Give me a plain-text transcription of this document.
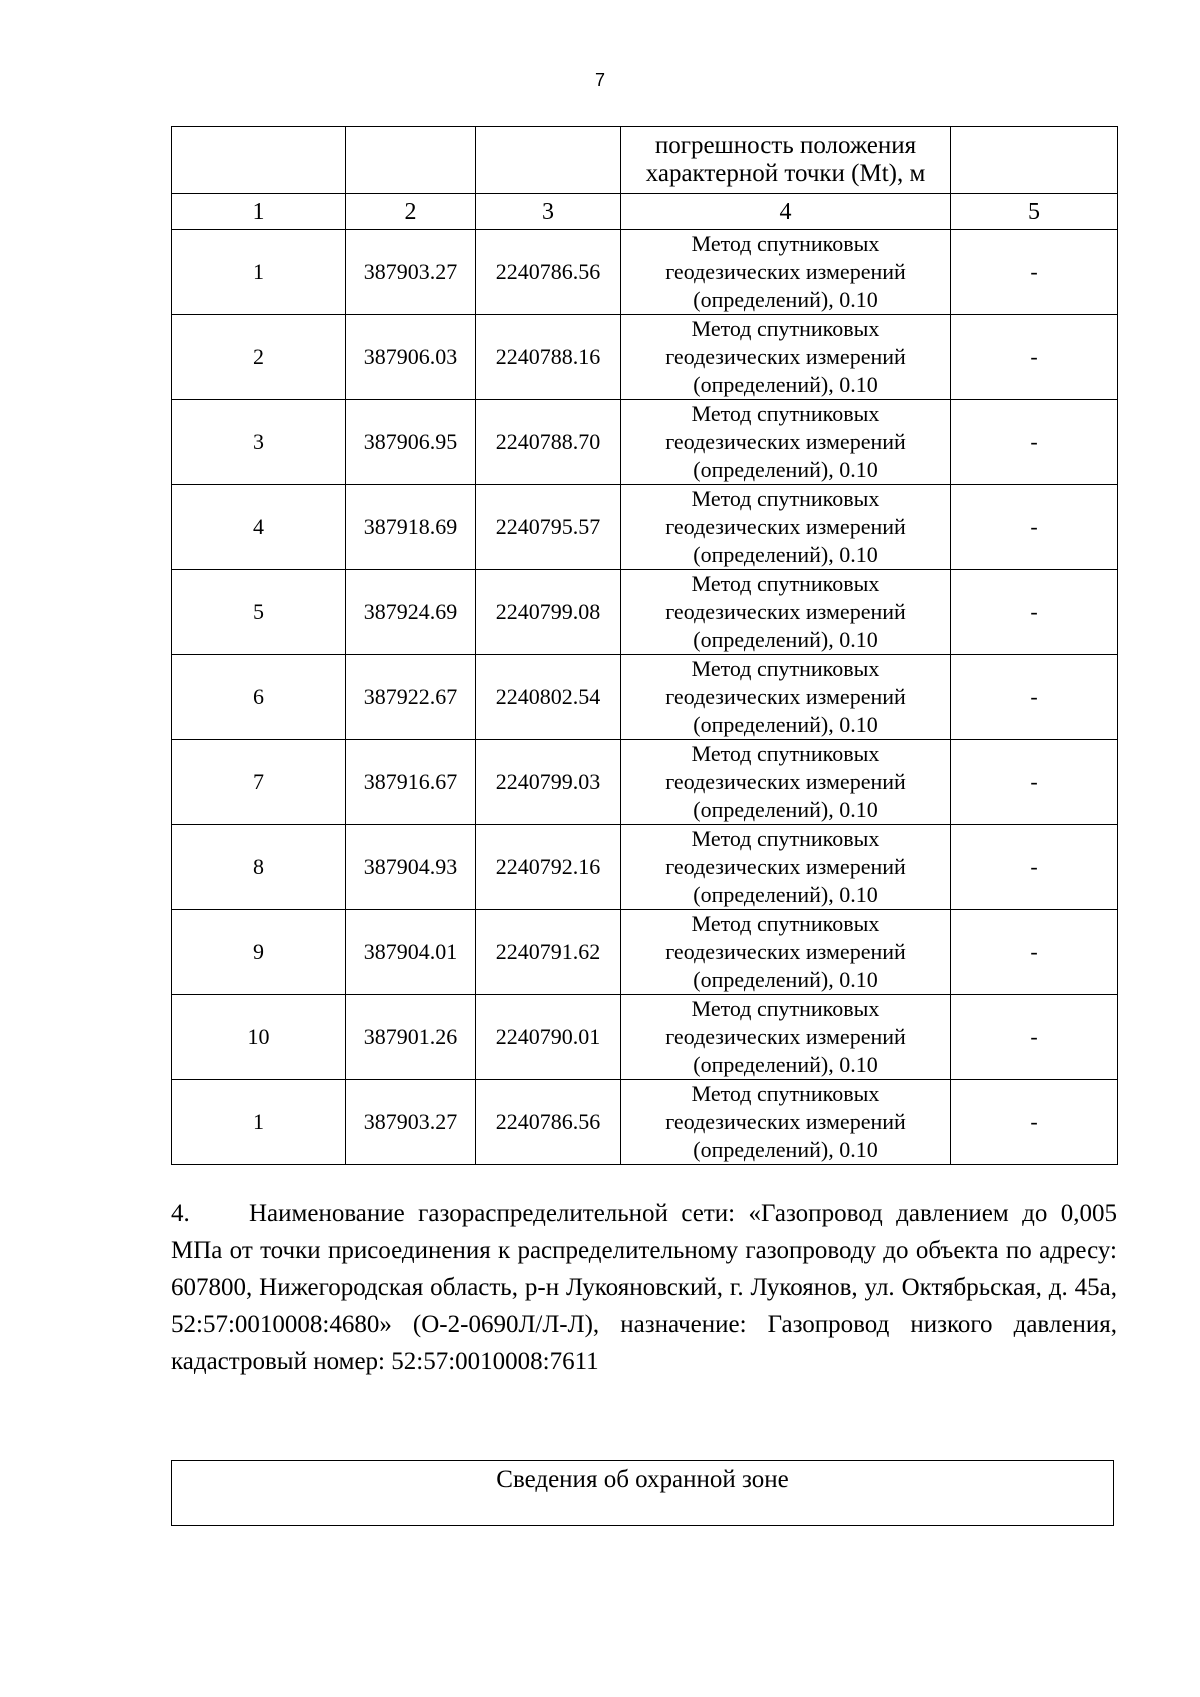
7
			погрешность положения характерной точки (Mt), м	
1	2	3	4	5
1	387903.27	2240786.56	Метод спутниковых геодезических измерений (определений), 0.10	-
2	387906.03	2240788.16	Метод спутниковых геодезических измерений (определений), 0.10	-
3	387906.95	2240788.70	Метод спутниковых геодезических измерений (определений), 0.10	-
4	387918.69	2240795.57	Метод спутниковых геодезических измерений (определений), 0.10	-
5	387924.69	2240799.08	Метод спутниковых геодезических измерений (определений), 0.10	-
6	387922.67	2240802.54	Метод спутниковых геодезических измерений (определений), 0.10	-
7	387916.67	2240799.03	Метод спутниковых геодезических измерений (определений), 0.10	-
8	387904.93	2240792.16	Метод спутниковых геодезических измерений (определений), 0.10	-
9	387904.01	2240791.62	Метод спутниковых геодезических измерений (определений), 0.10	-
10	387901.26	2240790.01	Метод спутниковых геодезических измерений (определений), 0.10	-
1	387903.27	2240786.56	Метод спутниковых геодезических измерений (определений), 0.10	-
4. Наименование газораспределительной сети: «Газопровод давлением до 0,005 МПа от точки присоединения к распределительному газопроводу до объекта по адресу: 607800, Нижегородская область, р-н Лукояновский, г. Лукоянов, ул. Октябрьская, д. 45а, 52:57:0010008:4680» (О-2-0690Л/Л-Л), назначение: Газопровод низкого давления, кадастровый номер: 52:57:0010008:7611
Сведения об охранной зоне
